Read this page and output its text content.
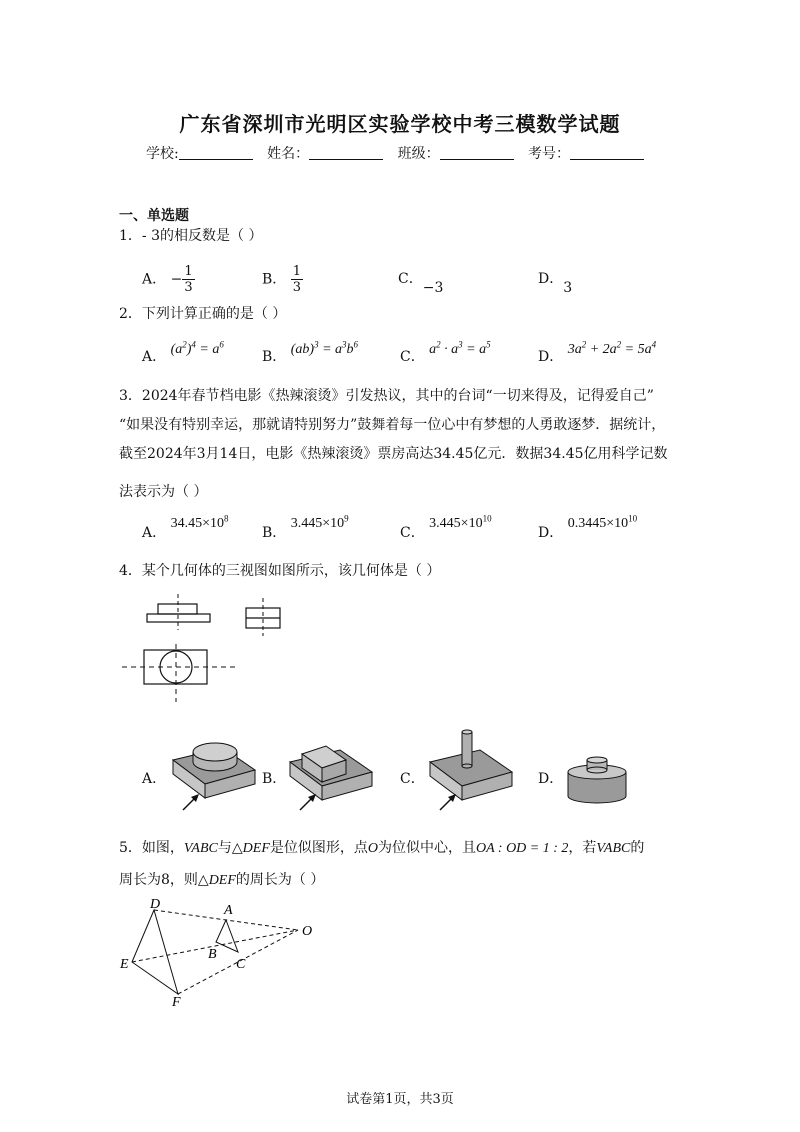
广东省深圳市光明区实验学校中考三模数学试题
学校:	姓名：	班级：	考号：
一、单选题
1．- 3的相反数是（ ）
A． − $\frac{1}{3}$	B． $\frac{1}{3}$	C．−3
D．3
2．下列计算正确的是（ ）
A． $(a^2)^4 = a^6$
B． $(ab)^3 = a^3b^6$
C． $a^2 \cdot a^3 = a^5$
D． $3a^2 + 2a^2 = 5a^4$
3．2024年春节档电影《热辣滚烫》引发热议，其中的台词“一切来得及，记得爱自己”
“如果没有特别幸运，那就请特别努力”鼓舞着每一位心中有梦想的人勇敢逐梦．据统计，
截至2024年3月14日，电影《热辣滚烫》票房高达34.45亿元．数据34.45亿用科学记数
法表示为（ ）
A． $34.45\times 10^8$
B． $3.445\times 10^9$
C． $3.445\times 10^{10}$
D． $0.3445\times 10^{10}$
4．某个几何体的三视图如图所示，该几何体是（ ）
A．	B．	C．	D．
5．如图，VABC与△DEF是位似图形，点O为位似中心，且OA : OD = 1 : 2，若VABC的
周长为8，则△DEF的周长为（ ）
D	A
O
B
C
E
F
试卷第1页，共3页
